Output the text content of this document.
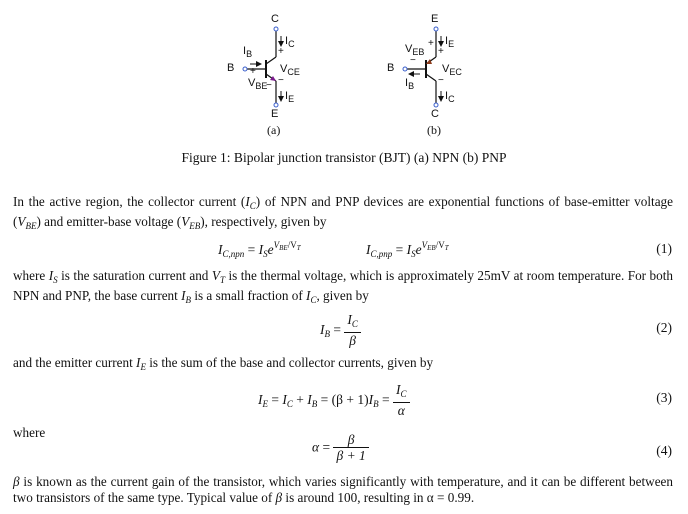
C
B
E
$I_C$
$I_B$
$I_E$
$V_{CE}$
$V_{BE}$
+
−
+
−
(a)
E
B
C
$V_{EB}$
$V_{EC}$
$I_E$
$I_B$
$I_C$
+
−
+
−
(b)
Figure 1: Bipolar junction transistor (BJT) (a) NPN (b) PNP
In the active region, the collector current $(I_C)$ of NPN and PNP devices are exponential functions of base-emitter voltage $(V_{BE})$ and emitter-base voltage $(V_{EB})$, respectively, given by
$I_{C,npn} = I_Se^{V_{BE}/V_T}$	$I_{C,pnp} = I_Se^{V_{EB}/V_T}$	(1)
where $I_S$ is the saturation current and $V_T$ is the thermal voltage, which is approximately 25mV at room temperature. For both NPN and PNP, the base current $I_B$ is a small fraction of $I_C$, given by
$I_B = \frac{I_C}{\beta}$	(2)
and the emitter current $I_E$ is the sum of the base and collector currents, given by
$I_E = I_C + I_B = (\beta + 1)I_B = \frac{I_C}{\alpha}$	(3)
where
$\alpha = \frac{\beta}{\beta + 1}$	(4)
β is known as the current gain of the transistor, which varies significantly with temperature, and it can be different between two transistors of the same type. Typical value of β is around 100, resulting in α = 0.99.
